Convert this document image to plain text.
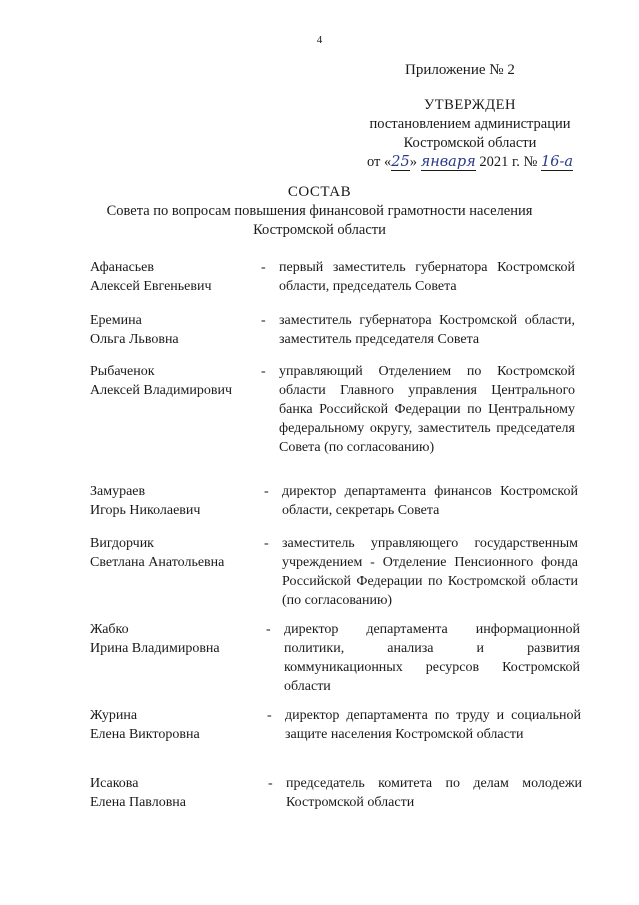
4
Приложение № 2
УТВЕРЖДЕН
постановлением администрации
Костромской области
от «25» января 2021 г. № 16-а
СОСТАВ
Совета по вопросам повышения финансовой грамотности населения
Костромской области
Афанасьев
Алексей Евгеньевич
- первый заместитель губернатора Костромской области, председатель Совета
Еремина
Ольга Львовна
- заместитель губернатора Костромской области, заместитель председателя Совета
Рыбаченок
Алексей Владимирович
- управляющий Отделением по Костромской области Главного управления Центрального банка Российской Федерации по Центральному федеральному округу, заместитель председателя Совета (по согласованию)
Замураев
Игорь Николаевич
- директор департамента финансов Костромской области, секретарь Совета
Вигдорчик
Светлана Анатольевна
- заместитель управляющего государственным учреждением - Отделение Пенсионного фонда Российской Федерации по Костромской области (по согласованию)
Жабко
Ирина Владимировна
- директор департамента информационной политики, анализа и развития коммуникационных ресурсов Костромской области
Журина
Елена Викторовна
- директор департамента по труду и социальной защите населения Костромской области
Исакова
Елена Павловна
- председатель комитета по делам молодежи Костромской области
